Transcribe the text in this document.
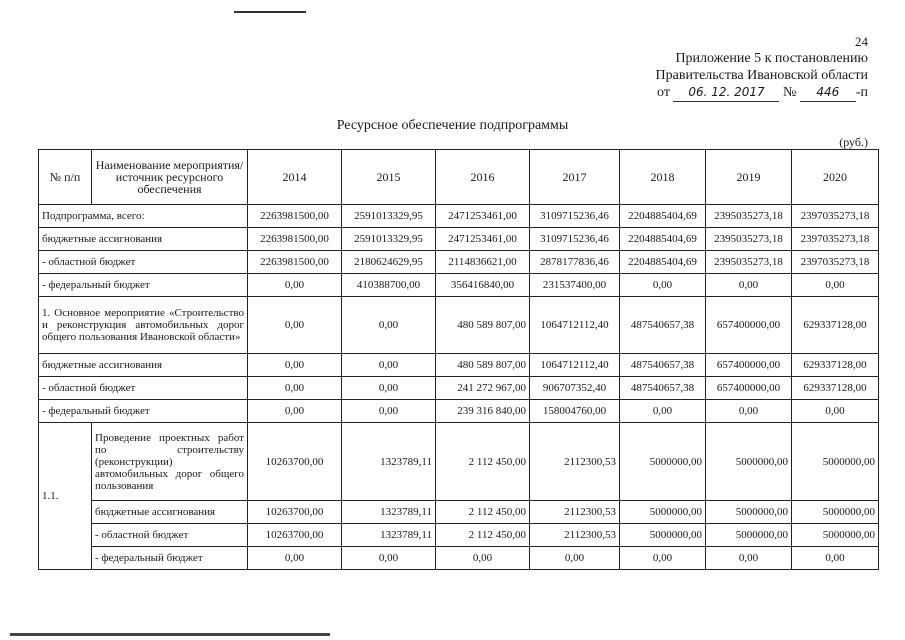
24
Приложение 5 к постановлению
Правительства Ивановской области
от 06. 12. 2017 № 446 -п
Ресурсное обеспечение подпрограммы
(руб.)
№ п/п	Наименование мероприятия/источник ресурсного обеспечения	2014	2015	2016	2017	2018	2019	2020
Подпрограмма, всего:		2263981500,00	2591013329,95	2471253461,00	3109715236,46	2204885404,69	2395035273,18	2397035273,18
бюджетные ассигнования		2263981500,00	2591013329,95	2471253461,00	3109715236,46	2204885404,69	2395035273,18	2397035273,18
- областной бюджет		2263981500,00	2180624629,95	2114836621,00	2878177836,46	2204885404,69	2395035273,18	2397035273,18
- федеральный бюджет		0,00	410388700,00	356416840,00	231537400,00	0,00	0,00	0,00
1. Основное мероприятие «Строительство и реконструкция автомобильных дорог общего пользования Ивановской области»		0,00	0,00	480 589 807,00	1064712112,40	487540657,38	657400000,00	629337128,00
бюджетные ассигнования		0,00	0,00	480 589 807,00	1064712112,40	487540657,38	657400000,00	629337128,00
- областной бюджет		0,00	0,00	241 272 967,00	906707352,40	487540657,38	657400000,00	629337128,00
- федеральный бюджет		0,00	0,00	239 316 840,00	158004760,00	0,00	0,00	0,00
1.1.	Проведение проектных работ по строительству (реконструкции) автомобильных дорог общего пользования	10263700,00	1323789,11	2 112 450,00	2112300,53	5000000,00	5000000,00	5000000,00
	бюджетные ассигнования	10263700,00	1323789,11	2 112 450,00	2112300,53	5000000,00	5000000,00	5000000,00
	- областной бюджет	10263700,00	1323789,11	2 112 450,00	2112300,53	5000000,00	5000000,00	5000000,00
	- федеральный бюджет	0,00	0,00	0,00	0,00	0,00	0,00	0,00
